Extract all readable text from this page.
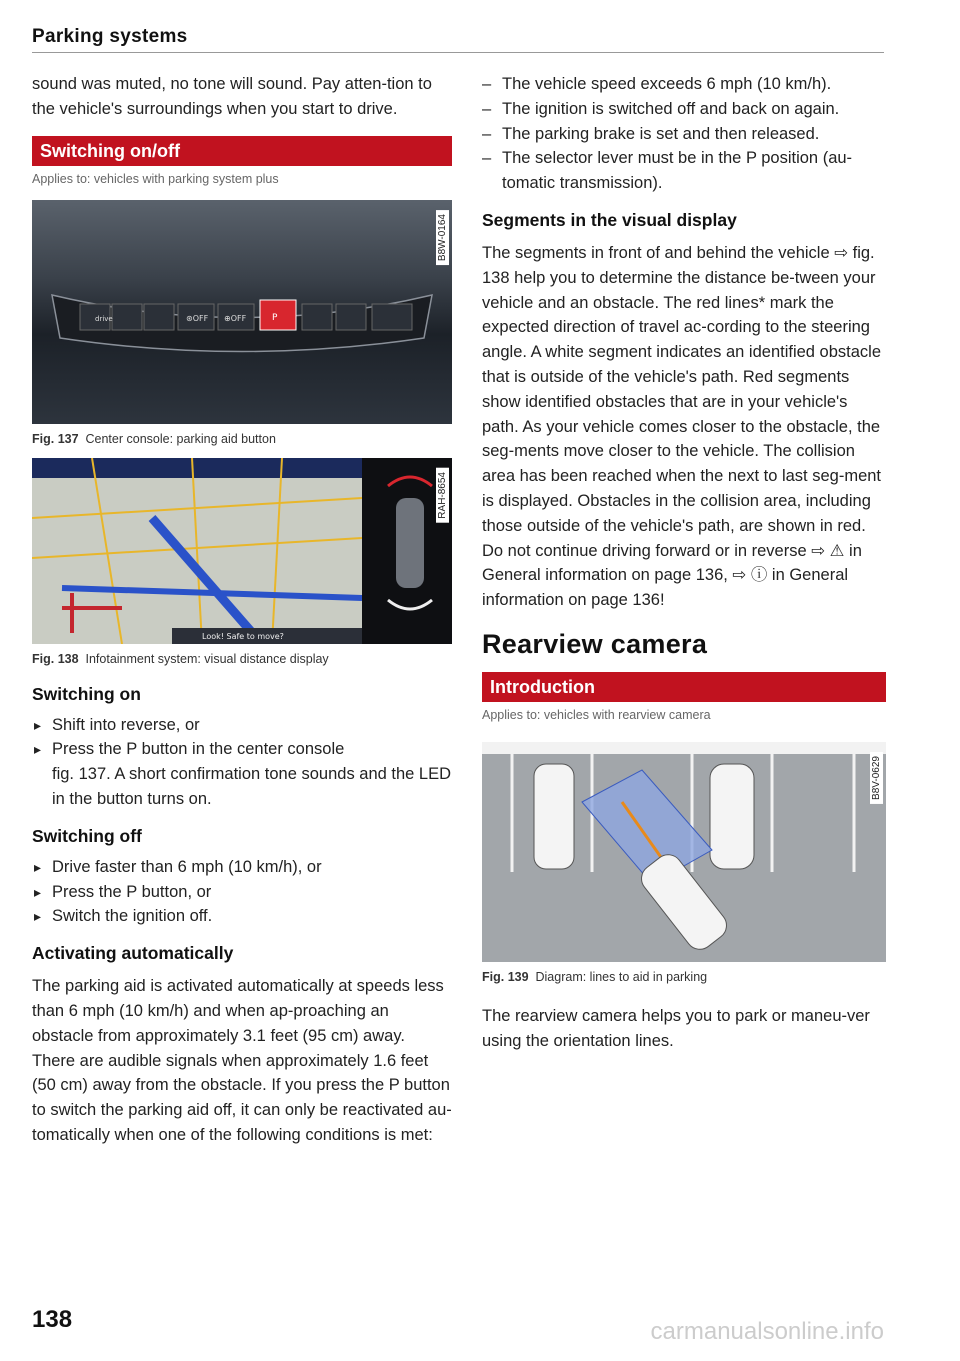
Parking systems

sound was muted, no tone will sound. Pay atten-tion to the vehicle's surroundings when you start to drive.

Switching on/off
Applies to: vehicles with parking system plus
drive	⊛OFF ⊕OFF	P
B8W-0164
Fig. 137 Center console: parking aid button
Look! Safe to move?
RAH-8654
Fig. 138 Infotainment system: visual distance display
Switching on
▸ Shift into reverse, or
▸ Press the P button in the center console
fig. 137. A short confirmation tone sounds and the LED in the button turns on.
Switching off
▸ Drive faster than 6 mph (10 km/h), or
▸ Press the P button, or
▸ Switch the ignition off.
Activating automatically

The parking aid is activated automatically at speeds less than 6 mph (10 km/h) and when ap-proaching an obstacle from approximately 3.1 feet (95 cm) away. There are audible signals when approximately 1.6 feet (50 cm) away from the obstacle. If you press the P button to switch the parking aid off, it can only be reactivated au-tomatically when one of the following conditions is met:

– The vehicle speed exceeds 6 mph (10 km/h).
– The ignition is switched off and back on again.
– The parking brake is set and then released.
– The selector lever must be in the P position (au-tomatic transmission).
Segments in the visual display

The segments in front of and behind the vehicle ⇨ fig. 138 help you to determine the distance be-tween your vehicle and an obstacle. The red lines* mark the expected direction of travel ac-cording to the steering angle. A white segment indicates an identified obstacle that is outside of the vehicle's path. Red segments show identified obstacles that are in your vehicle's path. As your vehicle comes closer to the obstacle, the seg-ments move closer to the vehicle. The collision area has been reached when the next to last seg-ment is displayed. Obstacles in the collision area, including those outside of the vehicle's path, are shown in red. Do not continue driving forward or in reverse ⇨ ⚠ in General information on page 136, ⇨ ⓘ in General information on page 136!

Rearview camera
Introduction
Applies to: vehicles with rearview camera
B8V-0629
Fig. 139 Diagram: lines to aid in parking

The rearview camera helps you to park or maneu-ver using the orientation lines.

138	carmanualsonline.info
